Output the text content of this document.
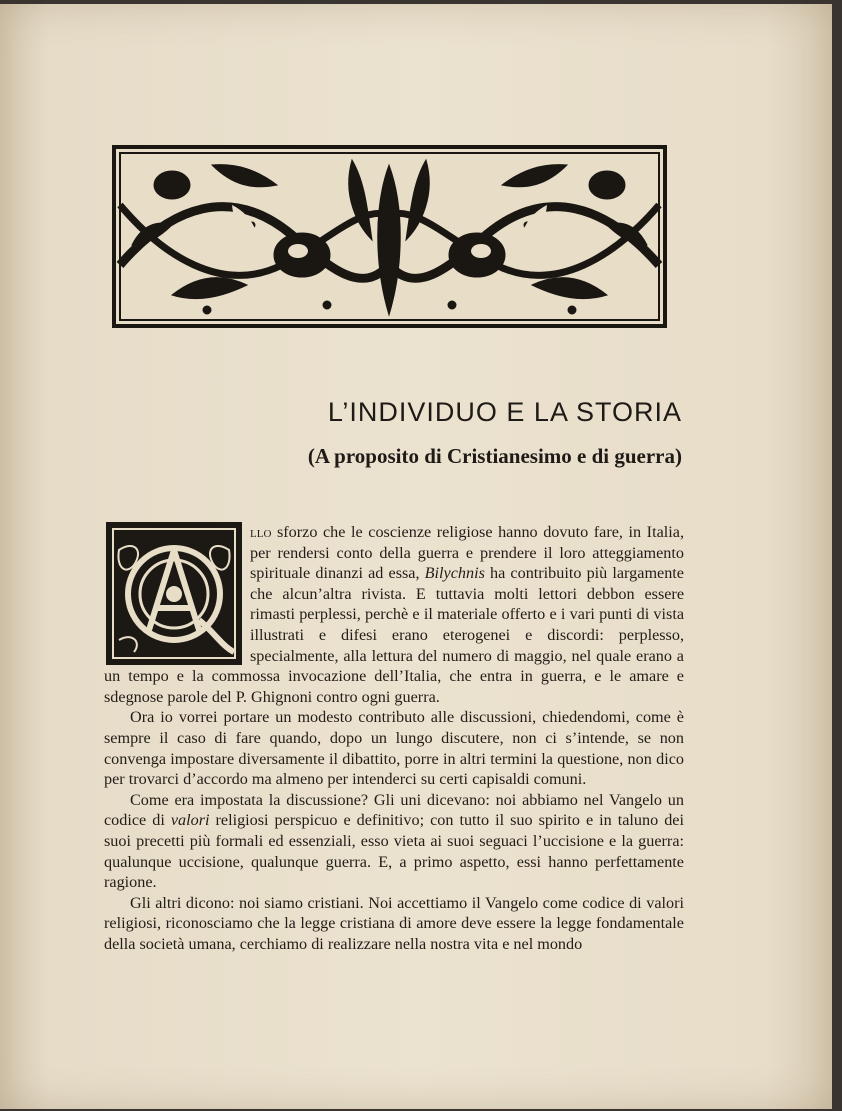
L’INDIVIDUO E LA STORIA
(A proposito di Cristianesimo e di guerra)

llo sforzo che le coscienze religiose hanno dovuto fare, in Italia, per rendersi conto della guerra e prendere il loro atteggiamento spirituale dinanzi ad essa, Bilychnis ha contribuito più largamente che alcun’altra rivista. E tuttavia molti lettori debbon essere rimasti perplessi, perchè e il materiale offerto e i vari punti di vista illustrati e difesi erano eterogenei e discordi: perplesso, specialmente, alla lettura del numero di maggio, nel quale erano a un tempo e la commossa invocazione dell’Italia, che entra in guerra, e le amare e sdegnose parole del P. Ghignoni contro ogni guerra.

Ora io vorrei portare un modesto contributo alle discussioni, chiedendomi, come è sempre il caso di fare quando, dopo un lungo discutere, non ci s’intende, se non convenga impostare diversamente il dibattito, porre in altri termini la questione, non dico per trovarci d’accordo ma almeno per intenderci su certi capisaldi comuni.

Come era impostata la discussione? Gli uni dicevano: noi abbiamo nel Vangelo un codice di valori religiosi perspicuo e definitivo; con tutto il suo spirito e in taluno dei suoi precetti più formali ed essenziali, esso vieta ai suoi seguaci l’uccisione e la guerra: qualunque uccisione, qualunque guerra. E, a primo aspetto, essi hanno perfettamente ragione.

Gli altri dicono: noi siamo cristiani. Noi accettiamo il Vangelo come codice di valori religiosi, riconosciamo che la legge cristiana di amore deve essere la legge fondamentale della società umana, cerchiamo di realizzare nella nostra vita e nel mondo
